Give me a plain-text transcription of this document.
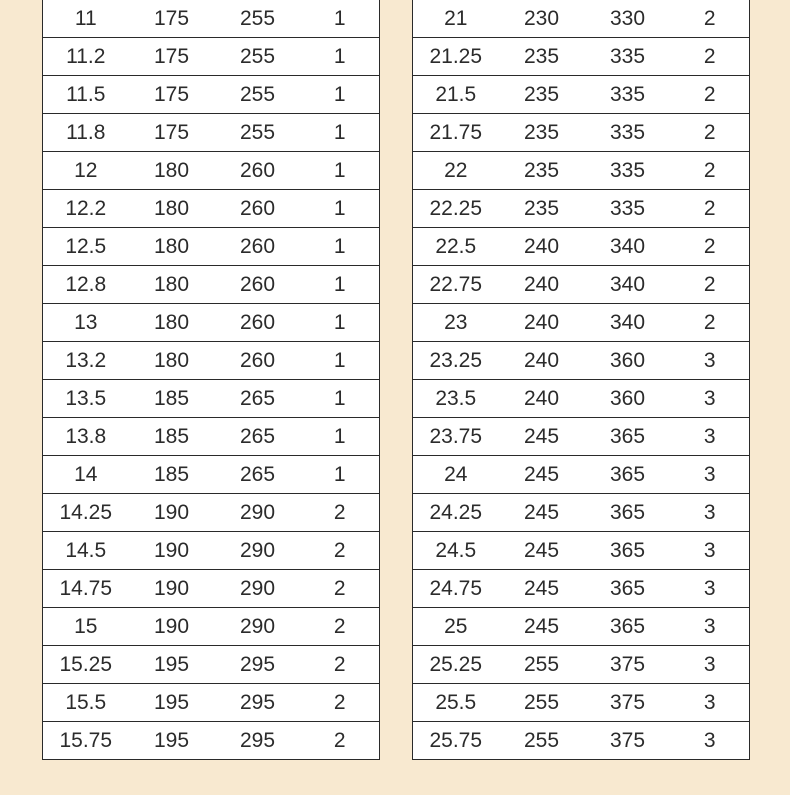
11	175	255	1
11.2	175	255	1
11.5	175	255	1
11.8	175	255	1
12	180	260	1
12.2	180	260	1
12.5	180	260	1
12.8	180	260	1
13	180	260	1
13.2	180	260	1
13.5	185	265	1
13.8	185	265	1
14	185	265	1
14.25	190	290	2
14.5	190	290	2
14.75	190	290	2
15	190	290	2
15.25	195	295	2
15.5	195	295	2
15.75	195	295	2
21	230	330	2
21.25	235	335	2
21.5	235	335	2
21.75	235	335	2
22	235	335	2
22.25	235	335	2
22.5	240	340	2
22.75	240	340	2
23	240	340	2
23.25	240	360	3
23.5	240	360	3
23.75	245	365	3
24	245	365	3
24.25	245	365	3
24.5	245	365	3
24.75	245	365	3
25	245	365	3
25.25	255	375	3
25.5	255	375	3
25.75	255	375	3
